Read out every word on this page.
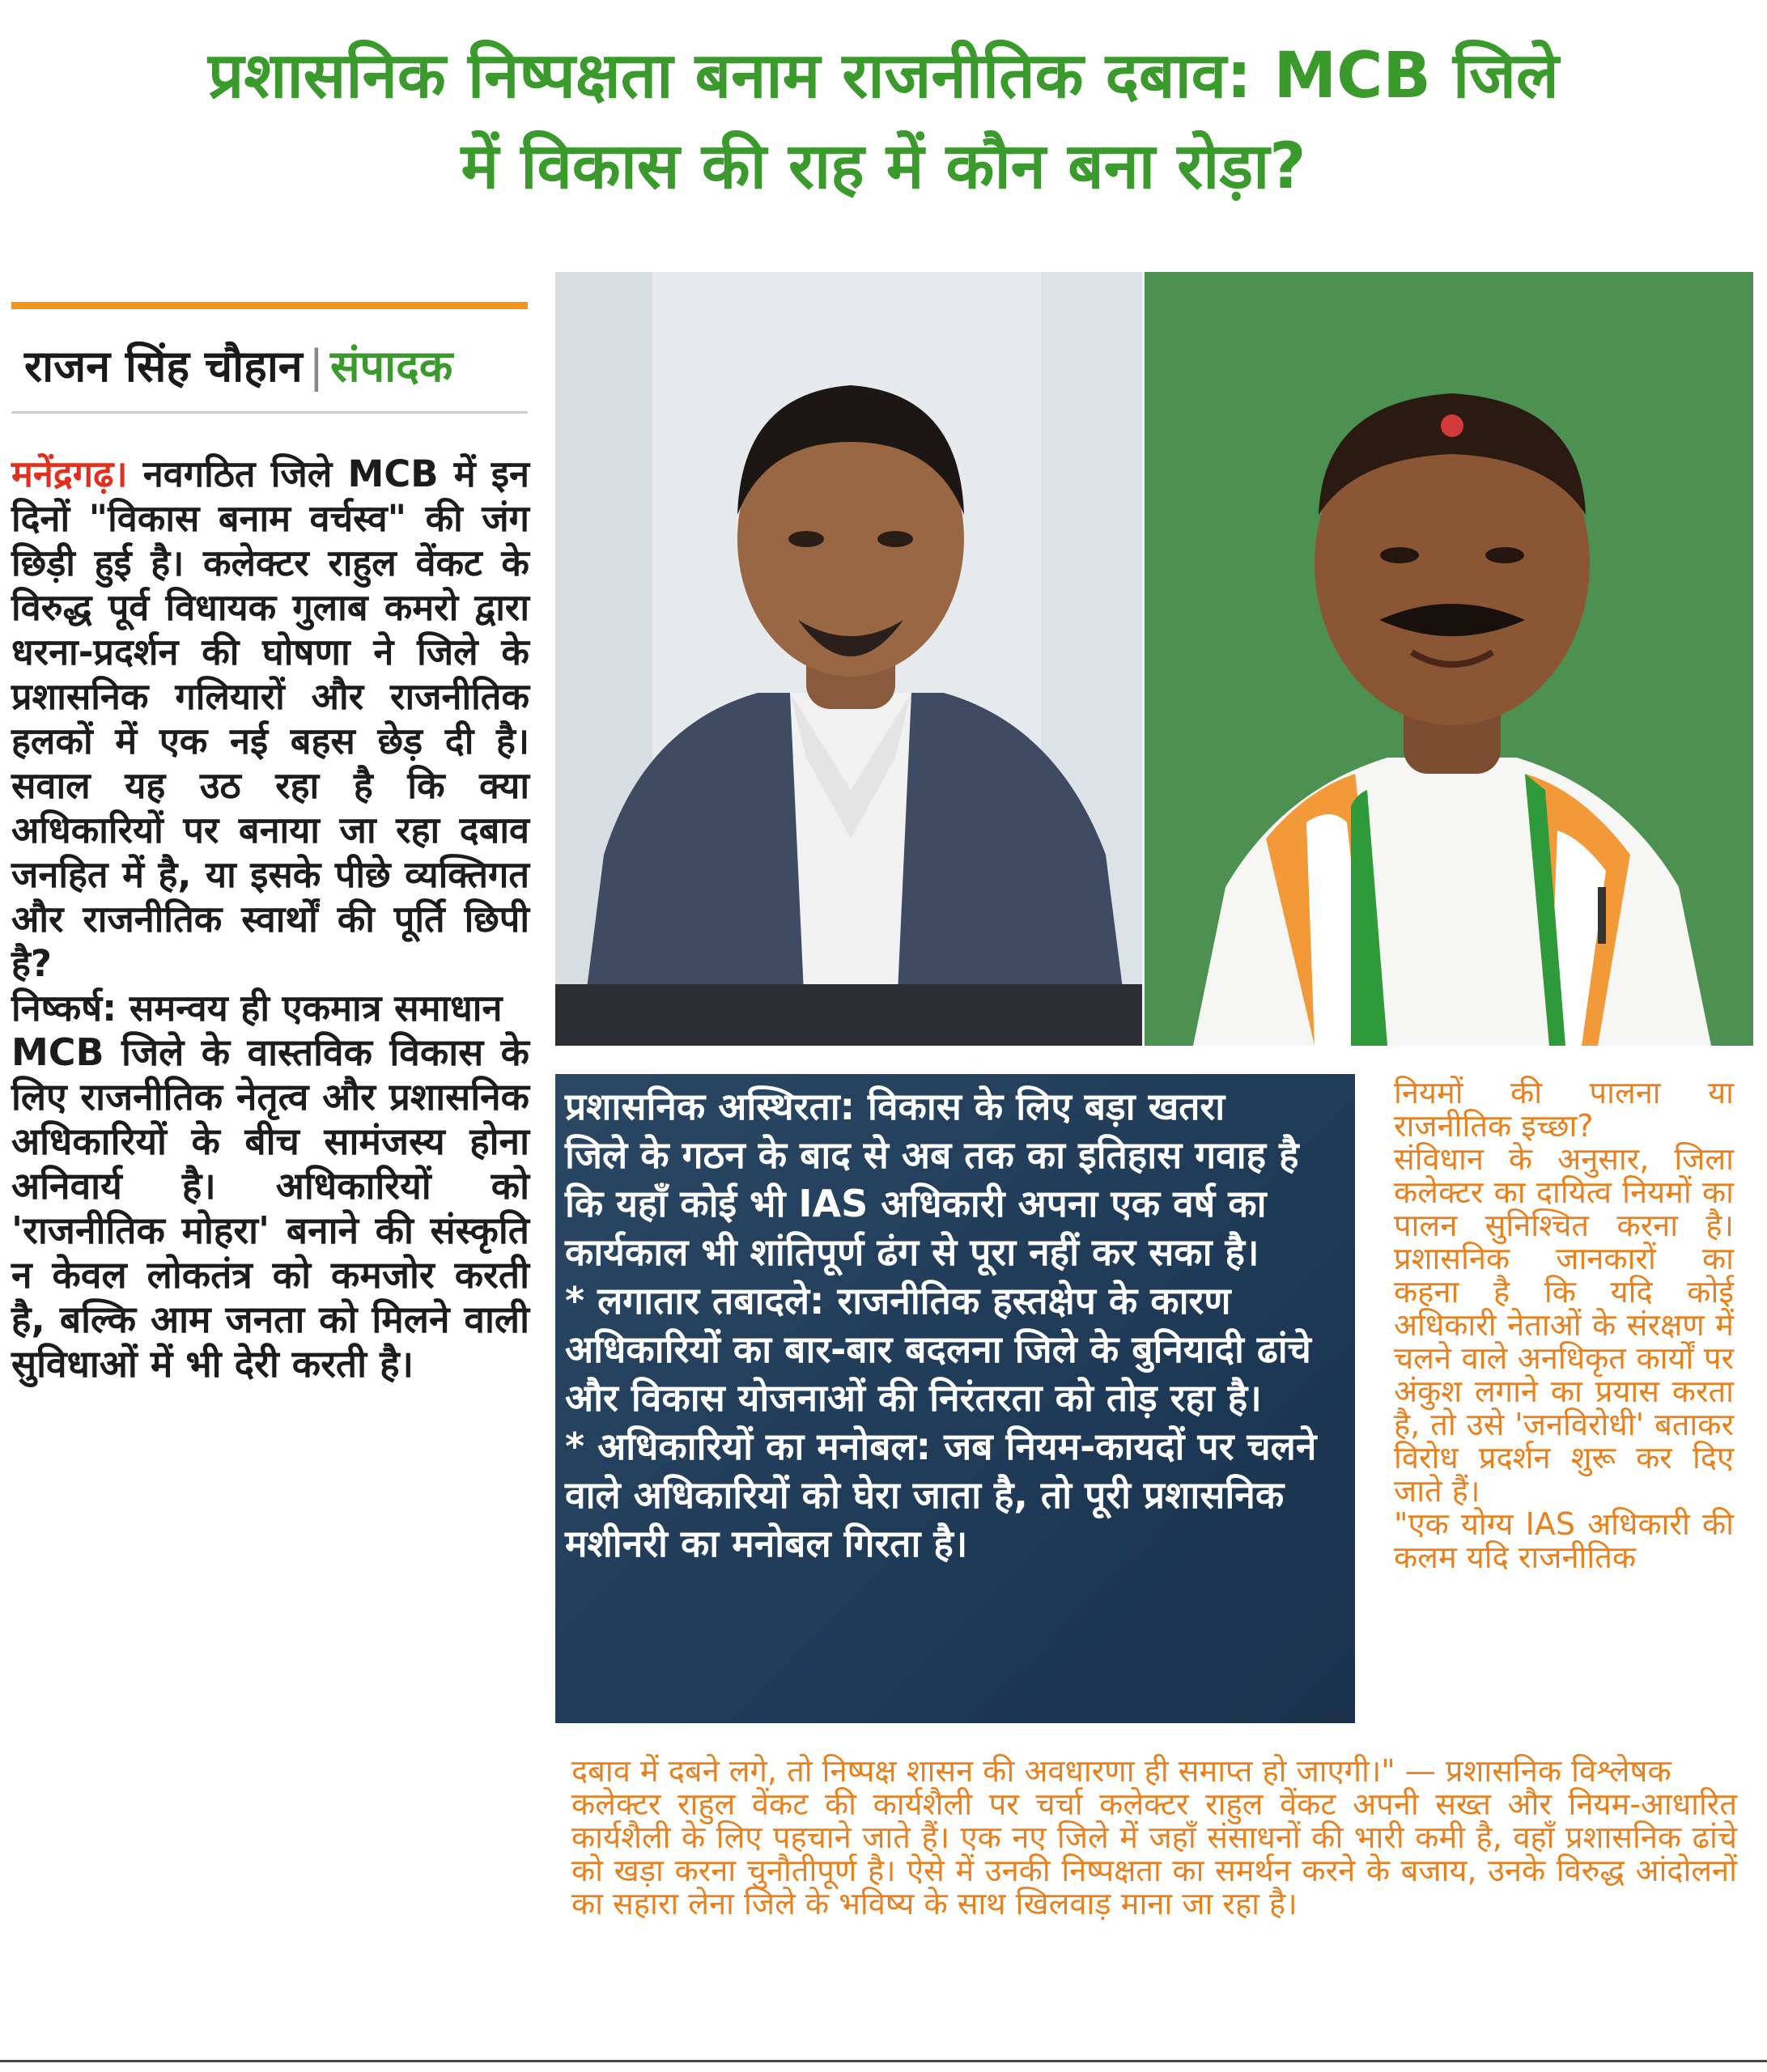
प्रशासनिक निष्पक्षता बनाम राजनीतिक दबाव: MCB जिले
में विकास की राह में कौन बना रोड़ा?
राजन सिंह चौहान | संपादक

मनेंद्रगढ़। नवगठित जिले MCB में इन दिनों "विकास बनाम वर्चस्व" की जंग छिड़ी हुई है। कलेक्टर राहुल वेंकट के विरुद्ध पूर्व विधायक गुलाब कमरो द्वारा धरना-प्रदर्शन की घोषणा ने जिले के प्रशासनिक गलियारों और राजनीतिक हलकों में एक नई बहस छेड़ दी है। सवाल यह उठ रहा है कि क्या अधिकारियों पर बनाया जा रहा दबाव जनहित में है, या इसके पीछे व्यक्तिगत और राजनीतिक स्वार्थों की पूर्ति छिपी है?

निष्कर्ष: समन्वय ही एकमात्र समाधान

MCB जिले के वास्तविक विकास के लिए राजनीतिक नेतृत्व और प्रशासनिक अधिकारियों के बीच सामंजस्य होना अनिवार्य है। अधिकारियों को 'राजनीतिक मोहरा' बनाने की संस्कृति न केवल लोकतंत्र को कमजोर करती है, बल्कि आम जनता को मिलने वाली सुविधाओं में भी देरी करती है।

प्रशासनिक अस्थिरता: विकास के लिए बड़ा खतरा

जिले के गठन के बाद से अब तक का इतिहास गवाह है कि यहाँ कोई भी IAS अधिकारी अपना एक वर्ष का कार्यकाल भी शांतिपूर्ण ढंग से पूरा नहीं कर सका है।

* लगातार तबादले: राजनीतिक हस्तक्षेप के कारण अधिकारियों का बार-बार बदलना जिले के बुनियादी ढांचे और विकास योजनाओं की निरंतरता को तोड़ रहा है।

* अधिकारियों का मनोबल: जब नियम-कायदों पर चलने वाले अधिकारियों को घेरा जाता है, तो पूरी प्रशासनिक मशीनरी का मनोबल गिरता है।

नियमों की पालना या राजनीतिक इच्छा?

संविधान के अनुसार, जिला कलेक्टर का दायित्व नियमों का पालन सुनिश्चित करना है। प्रशासनिक जानकारों का कहना है कि यदि कोई अधिकारी नेताओं के संरक्षण में चलने वाले अनधिकृत कार्यों पर अंकुश लगाने का प्रयास करता है, तो उसे 'जनविरोधी' बताकर विरोध प्रदर्शन शुरू कर दिए जाते हैं।

"एक योग्य IAS अधिकारी की कलम यदि राजनीतिक

दबाव में दबने लगे, तो निष्पक्ष शासन की अवधारणा ही समाप्त हो जाएगी।" — प्रशासनिक विश्लेषक

कलेक्टर राहुल वेंकट की कार्यशैली पर चर्चा कलेक्टर राहुल वेंकट अपनी सख्त और नियम-आधारित कार्यशैली के लिए पहचाने जाते हैं। एक नए जिले में जहाँ संसाधनों की भारी कमी है, वहाँ प्रशासनिक ढांचे को खड़ा करना चुनौतीपूर्ण है। ऐसे में उनकी निष्पक्षता का समर्थन करने के बजाय, उनके विरुद्ध आंदोलनों का सहारा लेना जिले के भविष्य के साथ खिलवाड़ माना जा रहा है।
